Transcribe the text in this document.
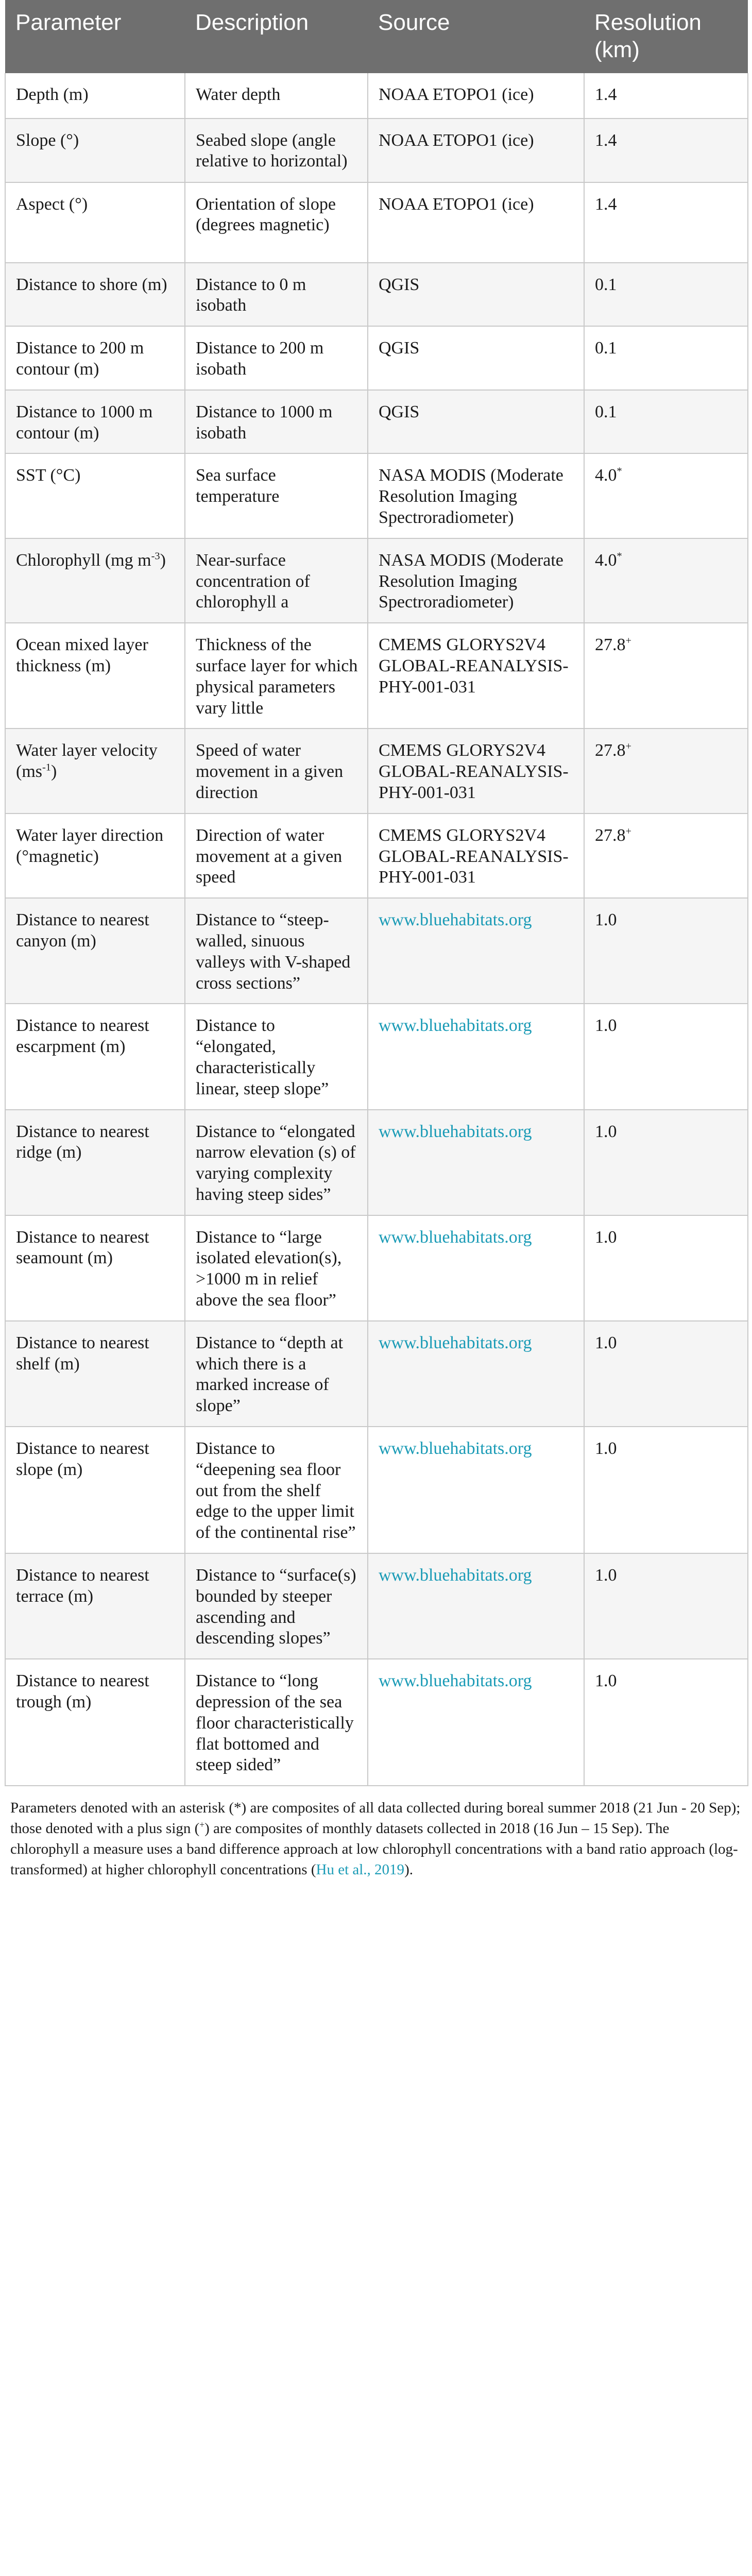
Parameter	Description	Source	Resolution (km)
Depth (m)	Water depth	NOAA ETOPO1 (ice)	1.4
Slope (°)	Seabed slope (angle relative to horizontal)	NOAA ETOPO1 (ice)	1.4
Aspect (°)	Orientation of slope (degrees magnetic)	NOAA ETOPO1 (ice)	1.4
Distance to shore (m)	Distance to 0 m isobath	QGIS	0.1
Distance to 200 m contour (m)	Distance to 200 m isobath	QGIS	0.1
Distance to 1000 m contour (m)	Distance to 1000 m isobath	QGIS	0.1
SST (°C)	Sea surface temperature	NASA MODIS (Moderate Resolution Imaging Spectroradiometer)	4.0*
Chlorophyll (mg $m^{-3}$)	Near-surface concentration of chlorophyll a	NASA MODIS (Moderate Resolution Imaging Spectroradiometer)	4.0*
Ocean mixed layer thickness (m)	Thickness of the surface layer for which physical parameters vary little	CMEMS GLORYS2V4 GLOBAL-REANALYSIS-PHY-001-031	27.8+
Water layer velocity $(ms^{-1})$	Speed of water movement in a given direction	CMEMS GLORYS2V4 GLOBAL-REANALYSIS-PHY-001-031	27.8+
Water layer direction (°magnetic)	Direction of water movement at a given speed	CMEMS GLORYS2V4 GLOBAL-REANALYSIS-PHY-001-031	27.8+
Distance to nearest canyon (m)	Distance to “steep-walled, sinuous valleys with V-shaped cross sections”	www.bluehabitats.org	1.0
Distance to nearest escarpment (m)	Distance to “elongated, characteristically linear, steep slope”	www.bluehabitats.org	1.0
Distance to nearest ridge (m)	Distance to “elongated narrow elevation (s) of varying complexity having steep sides”	www.bluehabitats.org	1.0
Distance to nearest seamount (m)	Distance to “large isolated elevation(s), >1000 m in relief above the sea floor”	www.bluehabitats.org	1.0
Distance to nearest shelf (m)	Distance to “depth at which there is a marked increase of slope”	www.bluehabitats.org	1.0
Distance to nearest slope (m)	Distance to “deepening sea floor out from the shelf edge to the upper limit of the continental rise”	www.bluehabitats.org	1.0
Distance to nearest terrace (m)	Distance to “surface(s) bounded by steeper ascending and descending slopes”	www.bluehabitats.org	1.0
Distance to nearest trough (m)	Distance to “long depression of the sea floor characteristically flat bottomed and steep sided”	www.bluehabitats.org	1.0

Parameters denoted with an asterisk (*) are composites of all data collected during boreal summer 2018 (21 Jun - 20 Sep); those denoted with a plus sign (+) are composites of monthly datasets collected in 2018 (16 Jun – 15 Sep). The chlorophyll a measure uses a band difference approach at low chlorophyll concentrations with a band ratio approach (log-transformed) at higher chlorophyll concentrations (Hu et al., 2019).
